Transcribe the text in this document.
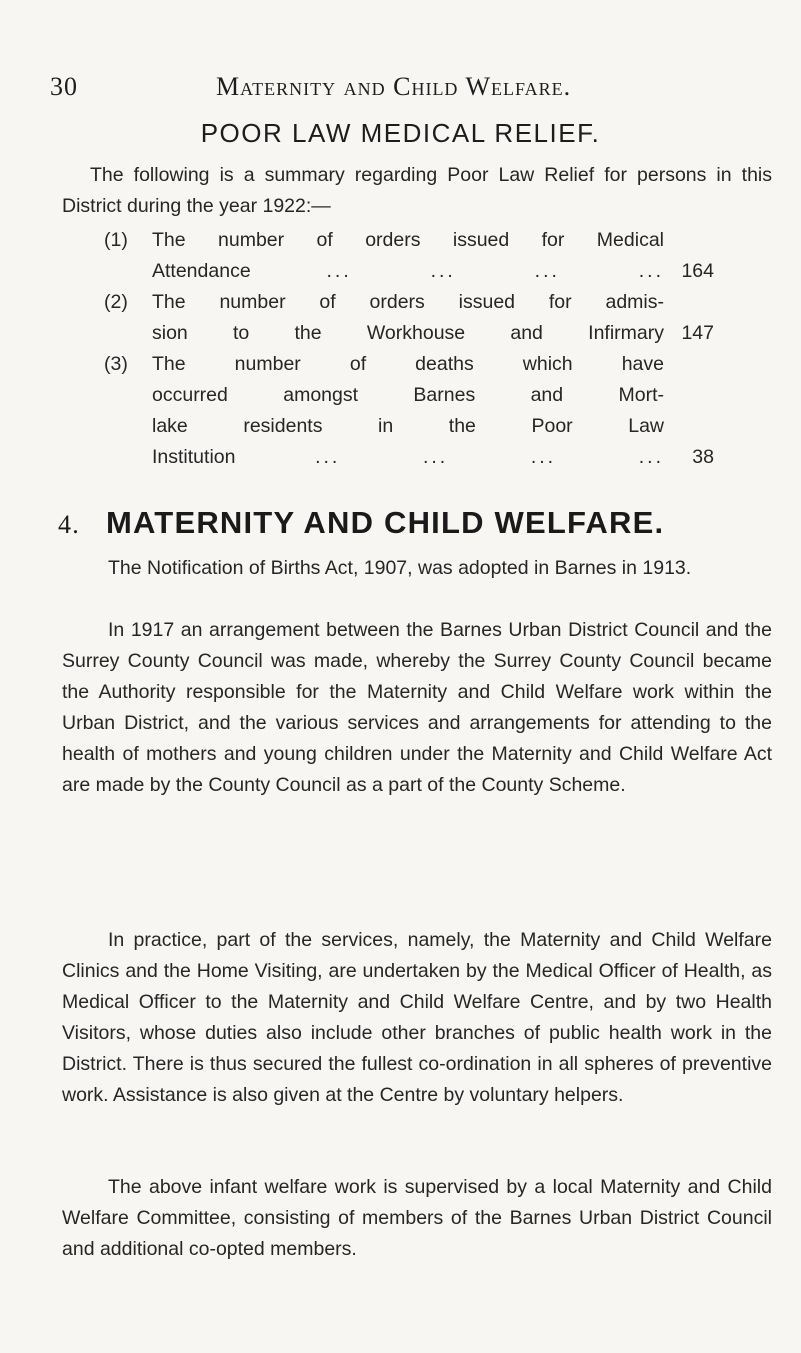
30	Maternity and Child Welfare.
POOR LAW MEDICAL RELIEF.
The following is a summary regarding Poor Law Relief for persons in this District during the year 1922:—
(1) The number of orders issued for Medical
Attendance	... ... ... ... 164
(2) The number of orders issued for admis-
sion to the Workhouse and Infirmary 147
(3) The number of deaths which have
occurred amongst Barnes and Mort-
lake residents in the Poor Law
Institution	... ... ... ...	38
4. MATERNITY AND CHILD WELFARE.
The Notification of Births Act, 1907, was adopted in Barnes in 1913.
In 1917 an arrangement between the Barnes Urban District Council and the Surrey County Council was made, whereby the Surrey County Council became the Authority responsible for the Maternity and Child Welfare work within the Urban District, and the various services and arrangements for attending to the health of mothers and young children under the Maternity and Child Welfare Act are made by the County Council as a part of the County Scheme.
In practice, part of the services, namely, the Maternity and Child Welfare Clinics and the Home Visiting, are undertaken by the Medical Officer of Health, as Medical Officer to the Maternity and Child Welfare Centre, and by two Health Visitors, whose duties also include other branches of public health work in the District. There is thus secured the fullest co-ordination in all spheres of preventive work. Assistance is also given at the Centre by voluntary helpers.
The above infant welfare work is supervised by a local Maternity and Child Welfare Committee, consisting of members of the Barnes Urban District Council and additional co-opted members.
